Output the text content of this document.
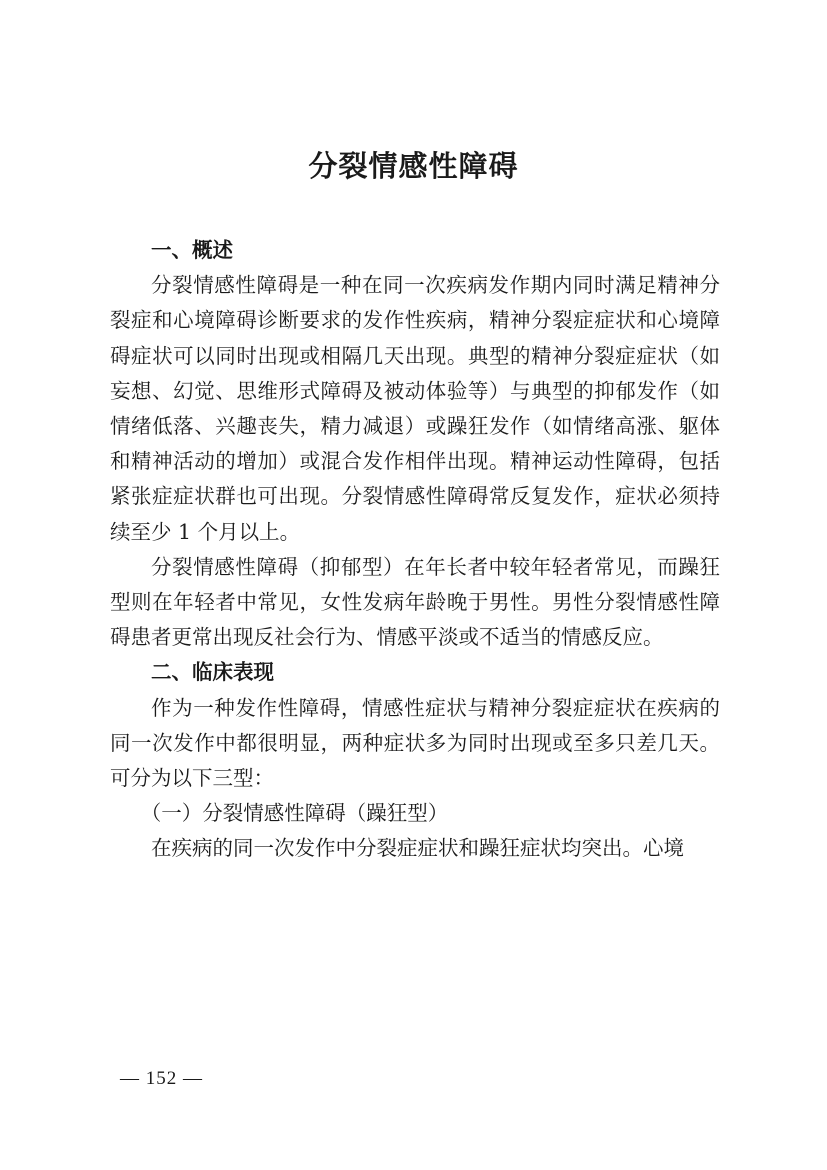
分裂情感性障碍
一、概述

分裂情感性障碍是一种在同一次疾病发作期内同时满足精神分裂症和心境障碍诊断要求的发作性疾病，精神分裂症症状和心境障碍症状可以同时出现或相隔几天出现。典型的精神分裂症症状（如妄想、幻觉、思维形式障碍及被动体验等）与典型的抑郁发作（如情绪低落、兴趣丧失，精力减退）或躁狂发作（如情绪高涨、躯体和精神活动的增加）或混合发作相伴出现。精神运动性障碍，包括紧张症症状群也可出现。分裂情感性障碍常反复发作，症状必须持续至少 1 个月以上。

分裂情感性障碍（抑郁型）在年长者中较年轻者常见，而躁狂型则在年轻者中常见，女性发病年龄晚于男性。男性分裂情感性障碍患者更常出现反社会行为、情感平淡或不适当的情感反应。

二、临床表现

作为一种发作性障碍，情感性症状与精神分裂症症状在疾病的同一次发作中都很明显，两种症状多为同时出现或至多只差几天。可分为以下三型：

（一）分裂情感性障碍（躁狂型）

在疾病的同一次发作中分裂症症状和躁狂症状均突出。心境

— 152 —
